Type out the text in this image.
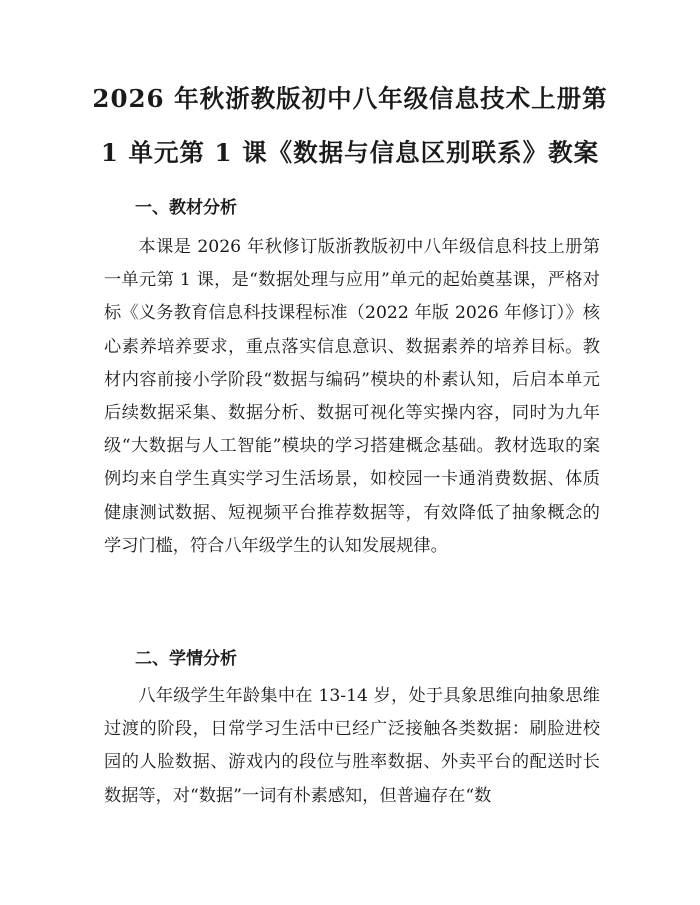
2026 年秋浙教版初中八年级信息技术上册第
1 单元第 1 课《数据与信息区别联系》教案
一、教材分析

本课是 2026 年秋修订版浙教版初中八年级信息科技上册第一单元第 1 课，是“数据处理与应用”单元的起始奠基课，严格对标《义务教育信息科技课程标准（2022 年版 2026 年修订）》核心素养培养要求，重点落实信息意识、数据素养的培养目标。教材内容前接小学阶段“数据与编码”模块的朴素认知，后启本单元后续数据采集、数据分析、数据可视化等实操内容，同时为九年级“大数据与人工智能”模块的学习搭建概念基础。教材选取的案例均来自学生真实学习生活场景，如校园一卡通消费数据、体质健康测试数据、短视频平台推荐数据等，有效降低了抽象概念的学习门槛，符合八年级学生的认知发展规律。

二、学情分析

八年级学生年龄集中在 13-14 岁，处于具象思维向抽象思维过渡的阶段，日常学习生活中已经广泛接触各类数据：刷脸进校园的人脸数据、游戏内的段位与胜率数据、外卖平台的配送时长数据等，对“数据”一词有朴素感知，但普遍存在“数
